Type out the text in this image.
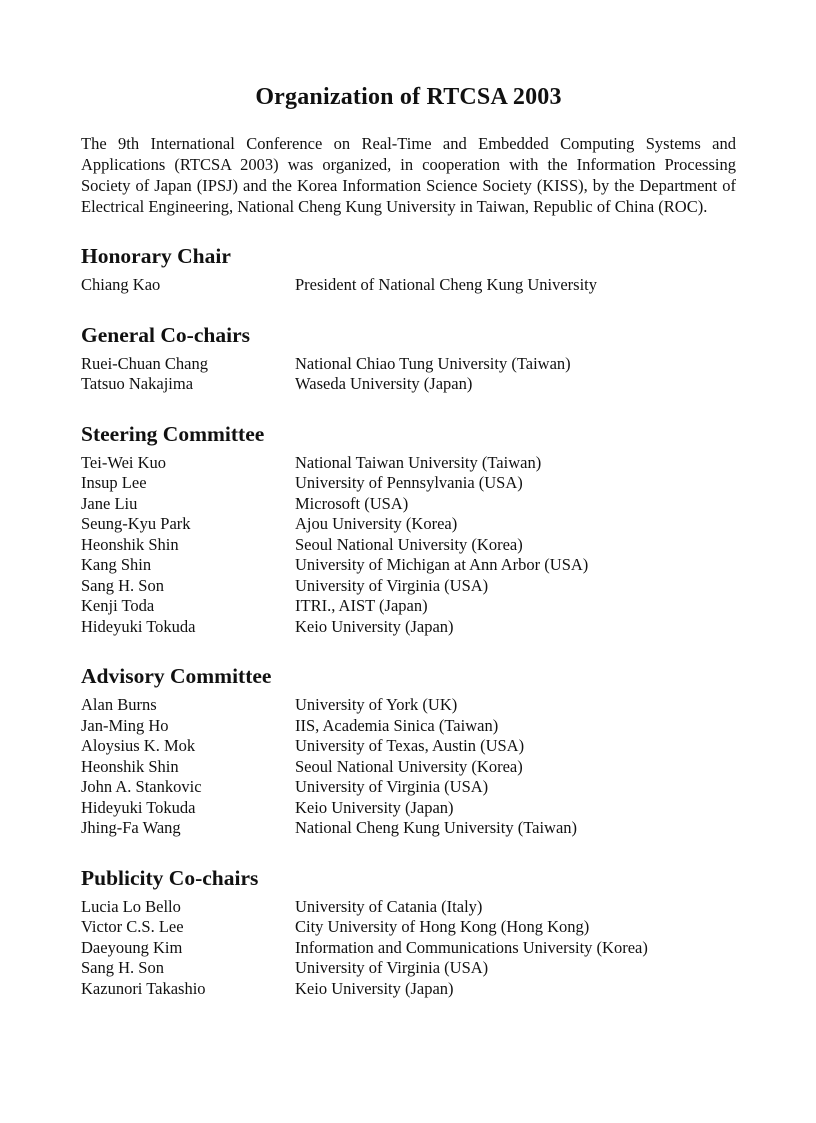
Organization of RTCSA 2003

The 9th International Conference on Real-Time and Embedded Computing Systems and Applications (RTCSA 2003) was organized, in cooperation with the Information Processing Society of Japan (IPSJ) and the Korea Information Science Society (KISS), by the Department of Electrical Engineering, National Cheng Kung University in Taiwan, Republic of China (ROC).

Honorary Chair
Chiang Kao	President of National Cheng Kung University
General Co-chairs
Ruei-Chuan Chang	National Chiao Tung University (Taiwan)
Tatsuo Nakajima	Waseda University (Japan)
Steering Committee
Tei-Wei Kuo	National Taiwan University (Taiwan)
Insup Lee	University of Pennsylvania (USA)
Jane Liu	Microsoft (USA)
Seung-Kyu Park	Ajou University (Korea)
Heonshik Shin	Seoul National University (Korea)
Kang Shin	University of Michigan at Ann Arbor (USA)
Sang H. Son	University of Virginia (USA)
Kenji Toda	ITRI., AIST (Japan)
Hideyuki Tokuda	Keio University (Japan)
Advisory Committee
Alan Burns	University of York (UK)
Jan-Ming Ho	IIS, Academia Sinica (Taiwan)
Aloysius K. Mok	University of Texas, Austin (USA)
Heonshik Shin	Seoul National University (Korea)
John A. Stankovic	University of Virginia (USA)
Hideyuki Tokuda	Keio University (Japan)
Jhing-Fa Wang	National Cheng Kung University (Taiwan)
Publicity Co-chairs
Lucia Lo Bello	University of Catania (Italy)
Victor C.S. Lee	City University of Hong Kong (Hong Kong)
Daeyoung Kim	Information and Communications University (Korea)
Sang H. Son	University of Virginia (USA)
Kazunori Takashio	Keio University (Japan)
